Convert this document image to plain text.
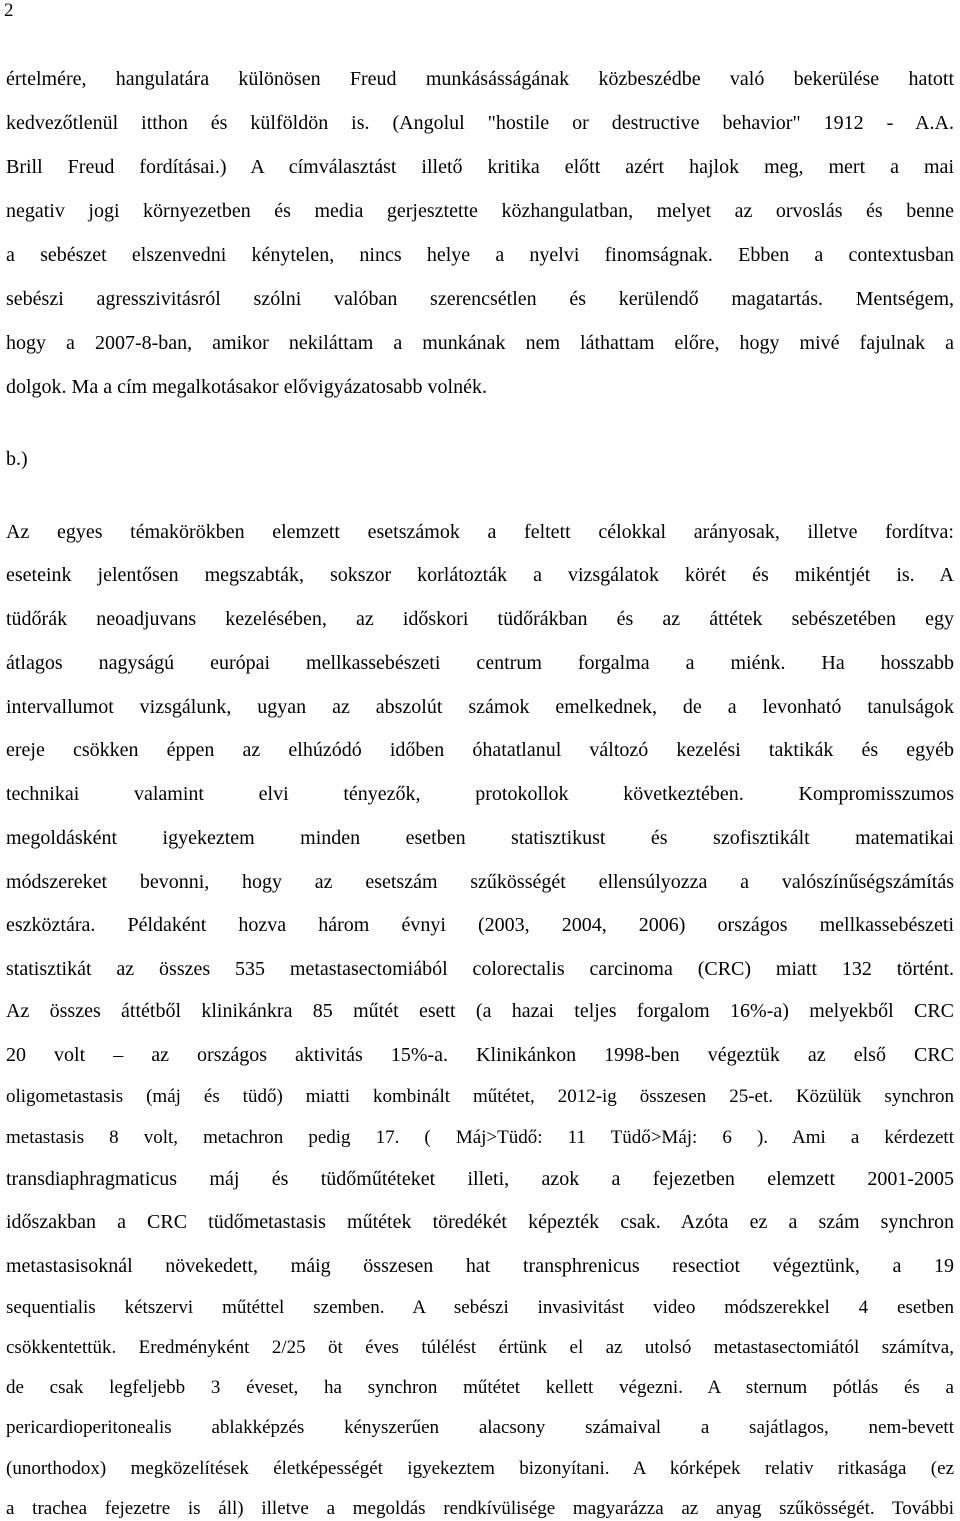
2
értelmére, hangulatára különösen Freud munkásásságának közbeszédbe való bekerülése hatott
kedvezőtlenül itthon és külföldön is. (Angolul "hostile or destructive behavior" 1912 - A.A.
Brill Freud fordításai.) A címválasztást illető kritika előtt azért hajlok meg, mert a mai
negativ jogi környezetben és media gerjesztette közhangulatban, melyet az orvoslás és benne
a sebészet elszenvedni kénytelen, nincs helye a nyelvi finomságnak. Ebben a contextusban
sebészi agresszivitásról szólni valóban szerencsétlen és kerülendő magatartás. Mentségem,
hogy a 2007-8-ban, amikor nekiláttam a munkának nem láthattam előre, hogy mivé fajulnak a
dolgok. Ma a cím megalkotásakor elővigyázatosabb volnék.
b.)
Az egyes témakörökben elemzett esetszámok a feltett célokkal arányosak, illetve fordítva:
eseteink jelentősen megszabták, sokszor korlátozták a vizsgálatok körét és mikéntjét is. A
tüdőrák neoadjuvans kezelésében, az időskori tüdőrákban és az áttétek sebészetében egy
átlagos nagyságú európai mellkassebészeti centrum forgalma a miénk. Ha hosszabb
intervallumot vizsgálunk, ugyan az abszolút számok emelkednek, de a levonható tanulságok
ereje csökken éppen az elhúzódó időben óhatatlanul változó kezelési taktikák és egyéb
technikai valamint elvi tényezők, protokollok következtében. Kompromisszumos
megoldásként igyekeztem minden esetben statisztikust és szofisztikált matematikai
módszereket bevonni, hogy az esetszám szűkösségét ellensúlyozza a valószínűségszámítás
eszköztára. Példaként hozva három évnyi (2003, 2004, 2006) országos mellkassebészeti
statisztikát az összes 535 metastasectomiából colorectalis carcinoma (CRC) miatt 132 történt.
Az összes áttétből klinikánkra 85 műtét esett (a hazai teljes forgalom 16%-a) melyekből CRC
20 volt – az országos aktivitás 15%-a. Klinikánkon 1998-ben végeztük az első CRC
oligometastasis (máj és tüdő) miatti kombinált műtétet, 2012-ig összesen 25-et. Közülük synchron
metastasis 8 volt, metachron pedig 17. ( Máj>Tüdő: 11 Tüdő>Máj: 6 ). Ami a kérdezett
transdiaphragmaticus máj és tüdőműtéteket illeti, azok a fejezetben elemzett 2001-2005
időszakban a CRC tüdőmetastasis műtétek töredékét képezték csak. Azóta ez a szám synchron
metastasisoknál növekedett, máig összesen hat transphrenicus resectiot végeztünk, a 19
sequentialis kétszervi műtéttel szemben. A sebészi invasivitást video módszerekkel 4 esetben
csökkentettük. Eredményként 2/25 öt éves túlélést értünk el az utolsó metastasectomiától számítva,
de csak legfeljebb 3 éveset, ha synchron műtétet kellett végezni. A sternum pótlás és a
pericardioperitonealis ablakképzés kényszerűen alacsony számaival a sajátlagos, nem-bevett
(unorthodox) megközelítések életképességét igyekeztem bizonyítani. A kórképek relativ ritkasága (ez
a trachea fejezetre is áll) illetve a megoldás rendkívülisége magyarázza az anyag szűkösségét. További
